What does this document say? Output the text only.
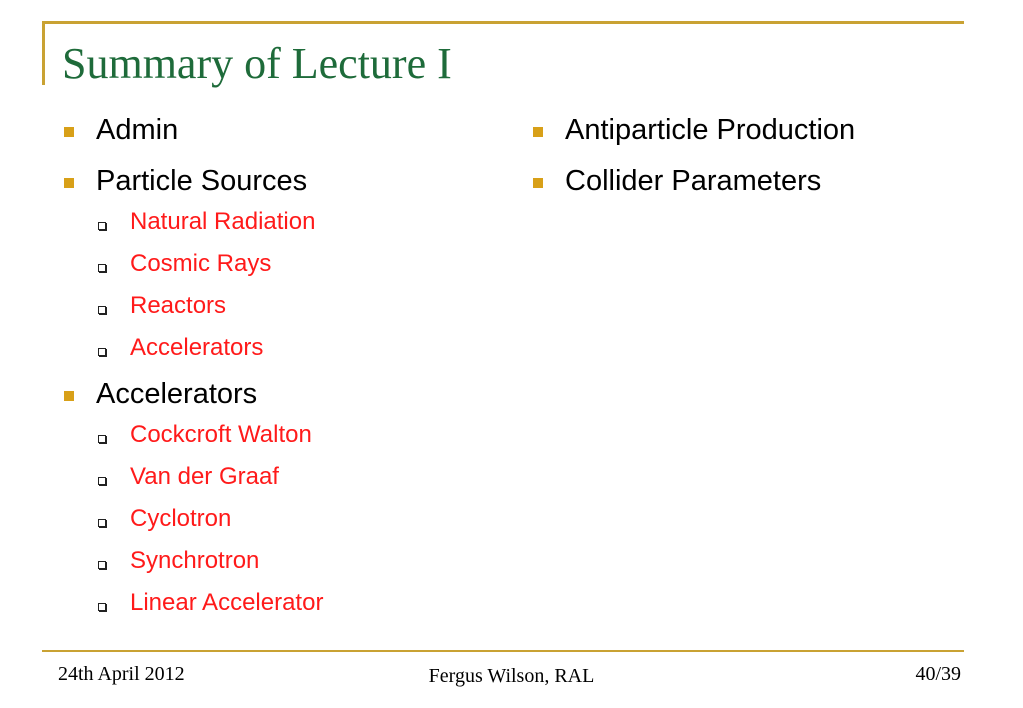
Summary of Lecture I
Admin
Particle Sources
Natural Radiation
Cosmic Rays
Reactors
Accelerators
Accelerators
Cockcroft Walton
Van der Graaf
Cyclotron
Synchrotron
Linear Accelerator
Antiparticle Production
Collider Parameters
24th April 2012	Fergus Wilson, RAL	40/39
